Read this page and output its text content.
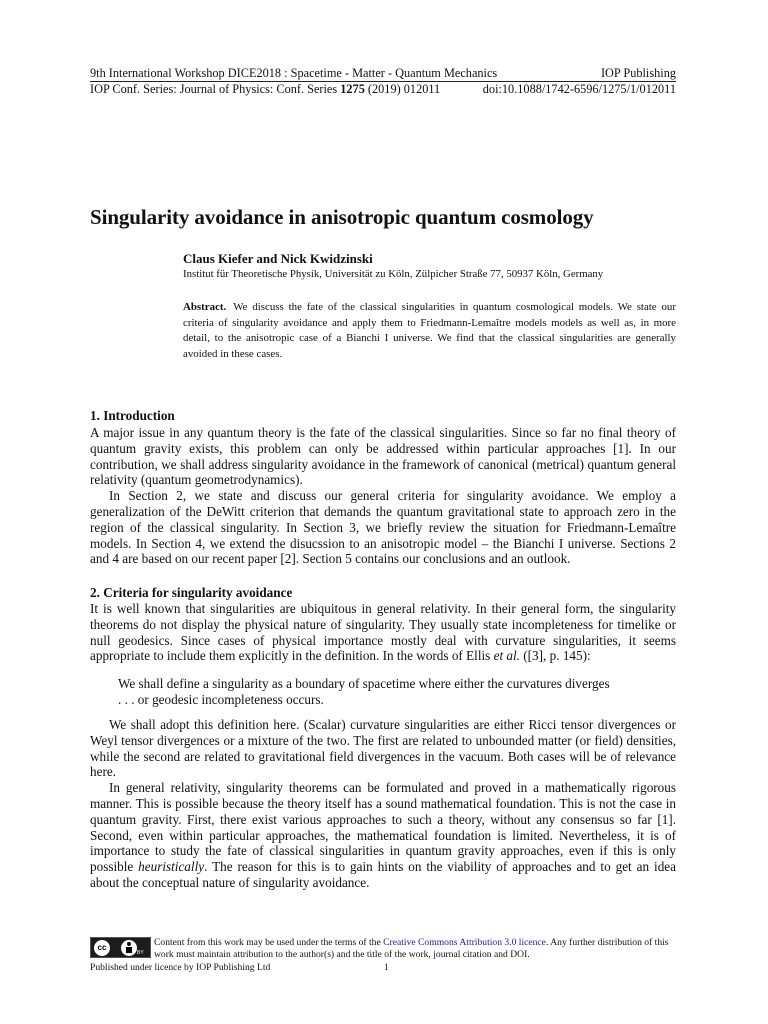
9th International Workshop DICE2018 : Spacetime - Matter - Quantum Mechanics	IOP Publishing
IOP Conf. Series: Journal of Physics: Conf. Series 1275 (2019) 012011	doi:10.1088/1742-6596/1275/1/012011
Singularity avoidance in anisotropic quantum cosmology
Claus Kiefer and Nick Kwidzinski
Institut für Theoretische Physik, Universität zu Köln, Zülpicher Straße 77, 50937 Köln, Germany
Abstract. We discuss the fate of the classical singularities in quantum cosmological models. We state our criteria of singularity avoidance and apply them to Friedmann-Lemaître models models as well as, in more detail, to the anisotropic case of a Bianchi I universe. We find that the classical singularities are generally avoided in these cases.
1. Introduction

A major issue in any quantum theory is the fate of the classical singularities. Since so far no final theory of quantum gravity exists, this problem can only be addressed within particular approaches [1]. In our contribution, we shall address singularity avoidance in the framework of canonical (metrical) quantum general relativity (quantum geometrodynamics).

In Section 2, we state and discuss our general criteria for singularity avoidance. We employ a generalization of the DeWitt criterion that demands the quantum gravitational state to approach zero in the region of the classical singularity. In Section 3, we briefly review the situation for Friedmann-Lemaître models. In Section 4, we extend the disucssion to an anisotropic model – the Bianchi I universe. Sections 2 and 4 are based on our recent paper [2]. Section 5 contains our conclusions and an outlook.

2. Criteria for singularity avoidance

It is well known that singularities are ubiquitous in general relativity. In their general form, the singularity theorems do not display the physical nature of singularity. They usually state incompleteness for timelike or null geodesics. Since cases of physical importance mostly deal with curvature singularities, it seems appropriate to include them explicitly in the definition. In the words of Ellis et al. ([3], p. 145):

We shall define a singularity as a boundary of spacetime where either the curvatures diverges
. . . or geodesic incompleteness occurs.

We shall adopt this definition here. (Scalar) curvature singularities are either Ricci tensor divergences or Weyl tensor divergences or a mixture of the two. The first are related to unbounded matter (or field) densities, while the second are related to gravitational field divergences in the vacuum. Both cases will be of relevance here.

In general relativity, singularity theorems can be formulated and proved in a mathematically rigorous manner. This is possible because the theory itself has a sound mathematical foundation. This is not the case in quantum gravity. First, there exist various approaches to such a theory, without any consensus so far [1]. Second, even within particular approaches, the mathematical foundation is limited. Nevertheless, it is of importance to study the fate of classical singularities in quantum gravity approaches, even if this is only possible heuristically. The reason for this is to gain hints on the viability of approaches and to get an idea about the conceptual nature of singularity avoidance.

cc
BY
Content from this work may be used under the terms of the Creative Commons Attribution 3.0 licence. Any further distribution of this work must maintain attribution to the author(s) and the title of the work, journal citation and DOI.
Published under licence by IOP Publishing Ltd	1
